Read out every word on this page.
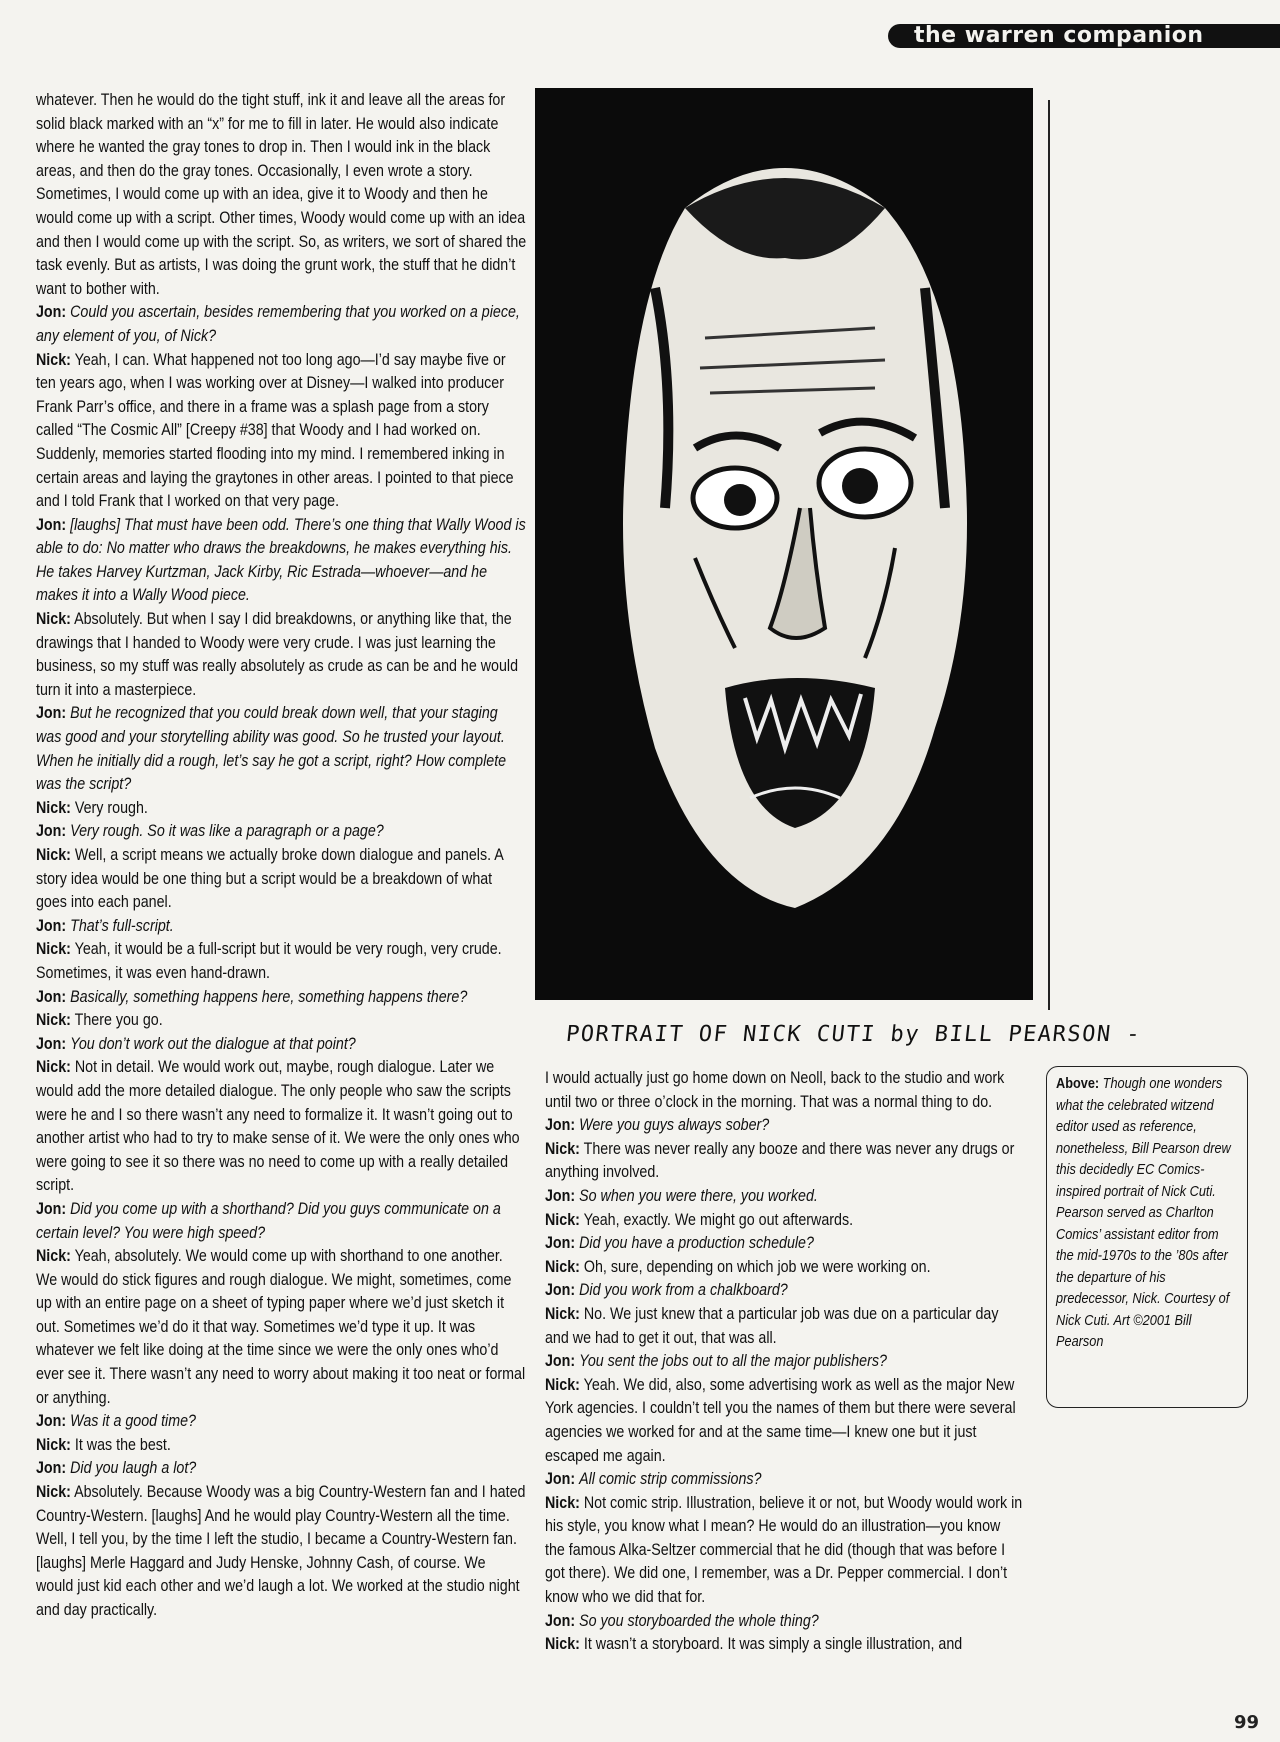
the warren companion

whatever. Then he would do the tight stuff, ink it and leave all the areas for solid black marked with an “x” for me to fill in later. He would also indicate where he wanted the gray tones to drop in. Then I would ink in the black areas, and then do the gray tones. Occasionally, I even wrote a story. Sometimes, I would come up with an idea, give it to Woody and then he would come up with a script. Other times, Woody would come up with an idea and then I would come up with the script. So, as writers, we sort of shared the task evenly. But as artists, I was doing the grunt work, the stuff that he didn’t want to bother with.

Jon: Could you ascertain, besides remembering that you worked on a piece, any element of you, of Nick?

Nick: Yeah, I can. What happened not too long ago—I’d say maybe five or ten years ago, when I was working over at Disney—I walked into producer Frank Parr’s office, and there in a frame was a splash page from a story called “The Cosmic All” [Creepy #38] that Woody and I had worked on. Suddenly, memories started flooding into my mind. I remembered inking in certain areas and laying the graytones in other areas. I pointed to that piece and I told Frank that I worked on that very page.

Jon: [laughs] That must have been odd. There’s one thing that Wally Wood is able to do: No matter who draws the breakdowns, he makes everything his. He takes Harvey Kurtzman, Jack Kirby, Ric Estrada—whoever—and he makes it into a Wally Wood piece.

Nick: Absolutely. But when I say I did breakdowns, or anything like that, the drawings that I handed to Woody were very crude. I was just learning the business, so my stuff was really absolutely as crude as can be and he would turn it into a masterpiece.

Jon: But he recognized that you could break down well, that your staging was good and your storytelling ability was good. So he trusted your layout. When he initially did a rough, let’s say he got a script, right? How complete was the script?

Nick: Very rough.

Jon: Very rough. So it was like a paragraph or a page?

Nick: Well, a script means we actually broke down dialogue and panels. A story idea would be one thing but a script would be a breakdown of what goes into each panel.

Jon: That’s full-script.

Nick: Yeah, it would be a full-script but it would be very rough, very crude. Sometimes, it was even hand-drawn.

Jon: Basically, something happens here, something happens there?

Nick: There you go.

Jon: You don’t work out the dialogue at that point?

Nick: Not in detail. We would work out, maybe, rough dialogue. Later we would add the more detailed dialogue. The only people who saw the scripts were he and I so there wasn’t any need to formalize it. It wasn’t going out to another artist who had to try to make sense of it. We were the only ones who were going to see it so there was no need to come up with a really detailed script.

Jon: Did you come up with a shorthand? Did you guys communicate on a certain level? You were high speed?

Nick: Yeah, absolutely. We would come up with shorthand to one another. We would do stick figures and rough dialogue. We might, sometimes, come up with an entire page on a sheet of typing paper where we’d just sketch it out. Sometimes we’d do it that way. Sometimes we’d type it up. It was whatever we felt like doing at the time since we were the only ones who’d ever see it. There wasn’t any need to worry about making it too neat or formal or anything.

Jon: Was it a good time?

Nick: It was the best.

Jon: Did you laugh a lot?

Nick: Absolutely. Because Woody was a big Country-Western fan and I hated Country-Western. [laughs] And he would play Country-Western all the time. Well, I tell you, by the time I left the studio, I became a Country-Western fan. [laughs] Merle Haggard and Judy Henske, Johnny Cash, of course. We would just kid each other and we’d laugh a lot. We worked at the studio night and day practically.

PORTRAIT OF NICK CUTI by BILL PEARSON -

I would actually just go home down on Neoll, back to the studio and work until two or three o’clock in the morning. That was a normal thing to do.

Jon: Were you guys always sober?

Nick: There was never really any booze and there was never any drugs or anything involved.

Jon: So when you were there, you worked.

Nick: Yeah, exactly. We might go out afterwards.

Jon: Did you have a production schedule?

Nick: Oh, sure, depending on which job we were working on.

Jon: Did you work from a chalkboard?

Nick: No. We just knew that a particular job was due on a particular day and we had to get it out, that was all.

Jon: You sent the jobs out to all the major publishers?

Nick: Yeah. We did, also, some advertising work as well as the major New York agencies. I couldn’t tell you the names of them but there were several agencies we worked for and at the same time—I knew one but it just escaped me again.

Jon: All comic strip commissions?

Nick: Not comic strip. Illustration, believe it or not, but Woody would work in his style, you know what I mean? He would do an illustration—you know the famous Alka-Seltzer commercial that he did (though that was before I got there). We did one, I remember, was a Dr. Pepper commercial. I don’t know who we did that for.

Jon: So you storyboarded the whole thing?

Nick: It wasn’t a storyboard. It was simply a single illustration, and

Above: Though one wonders what the celebrated witzend editor used as reference, nonetheless, Bill Pearson drew this decidedly EC Comics-inspired portrait of Nick Cuti. Pearson served as Charlton Comics’ assistant editor from the mid-1970s to the ’80s after the departure of his predecessor, Nick. Courtesy of Nick Cuti. Art ©2001 Bill Pearson
99
